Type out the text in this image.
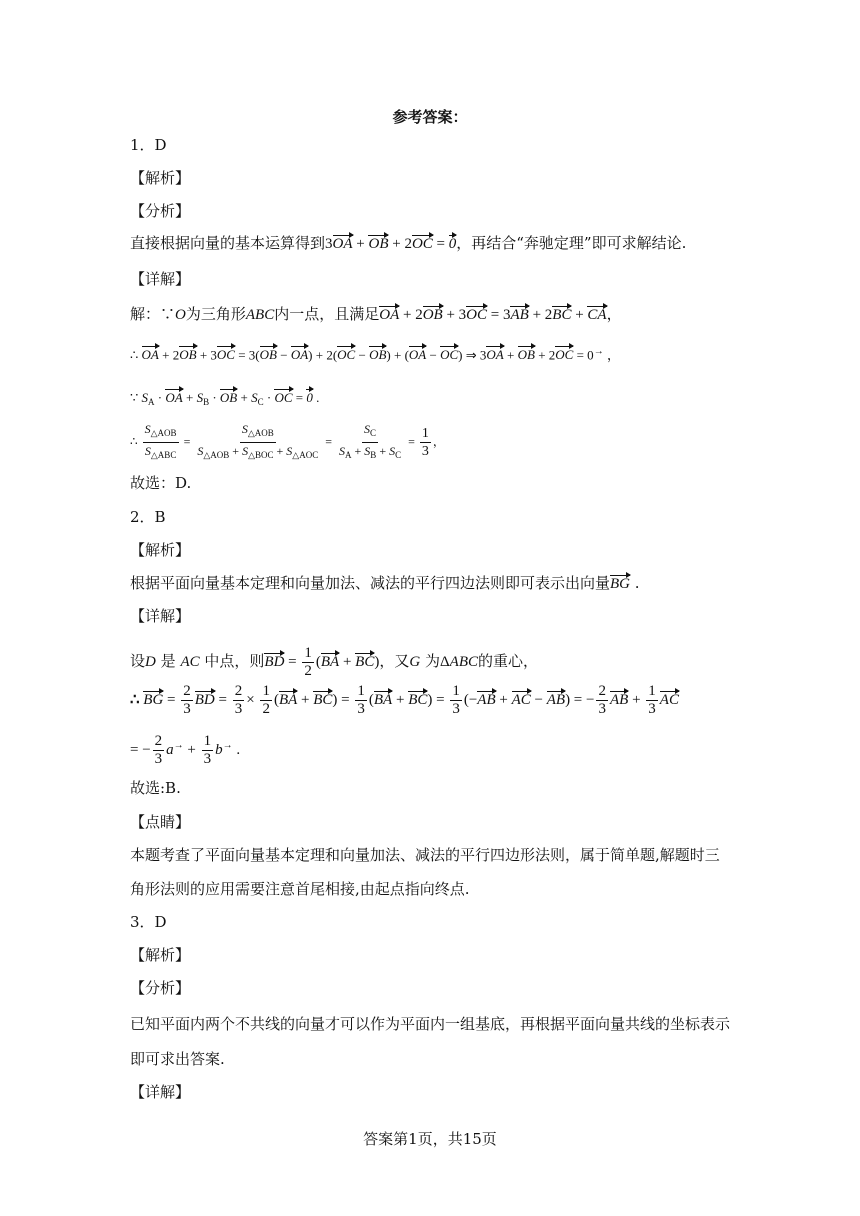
参考答案：
1．D
【解析】
【分析】
直接根据向量的基本运算得到3OA + OB + 2OC = 0，再结合“奔驰定理”即可求解结论.
【详解】
解：∵O为三角形ABC内一点，且满足OA + 2OB + 3OC = 3AB + 2BC + CA，
∴ OA + 2OB + 3OC = 3(OB − OA) + 2(OC − OB) + (OA − OC) ⇒ 3OA + OB + 2OC = 0→ ，
∵ $S_A$ · OA + $S_B$ · OB + $S_C$ · OC = 0 .
∴ $\frac{S_{\triangle AOB}}{S_{\triangle ABC}} = \frac{S_{\triangle AOB}}{S_{\triangle AOB} + S_{\triangle BOC} + S_{\triangle AOC}} = \frac{S_C}{S_A + S_B + S_C} = \frac{1}{3}$ ，
故选：D.
2．B
【解析】
根据平面向量基本定理和向量加法、减法的平行四边法则即可表示出向量BG .
【详解】
设D 是 AC 中点，则BD = $\frac{1}{2} (BA + BC)$，又G 为ΔABC的重心，
∴ BG = $\frac{2}{3}$ BD = $\frac{2}{3} \times \frac{1}{2} (BA + BC) = \frac{1}{3} (BA + BC) = \frac{1}{3} (-AB$ + AC − AB) = − $\frac{2}{3}$ AB + $\frac{1}{3}$ AC
= − $\frac{2}{3} a^\to + \frac{1}{3} b^\to$ .
故选:B.
【点睛】
本题考查了平面向量基本定理和向量加法、减法的平行四边形法则，属于简单题,解题时三
角形法则的应用需要注意首尾相接,由起点指向终点.
3．D
【解析】
【分析】
已知平面内两个不共线的向量才可以作为平面内一组基底，再根据平面向量共线的坐标表示
即可求出答案.
【详解】
答案第1页，共15页
